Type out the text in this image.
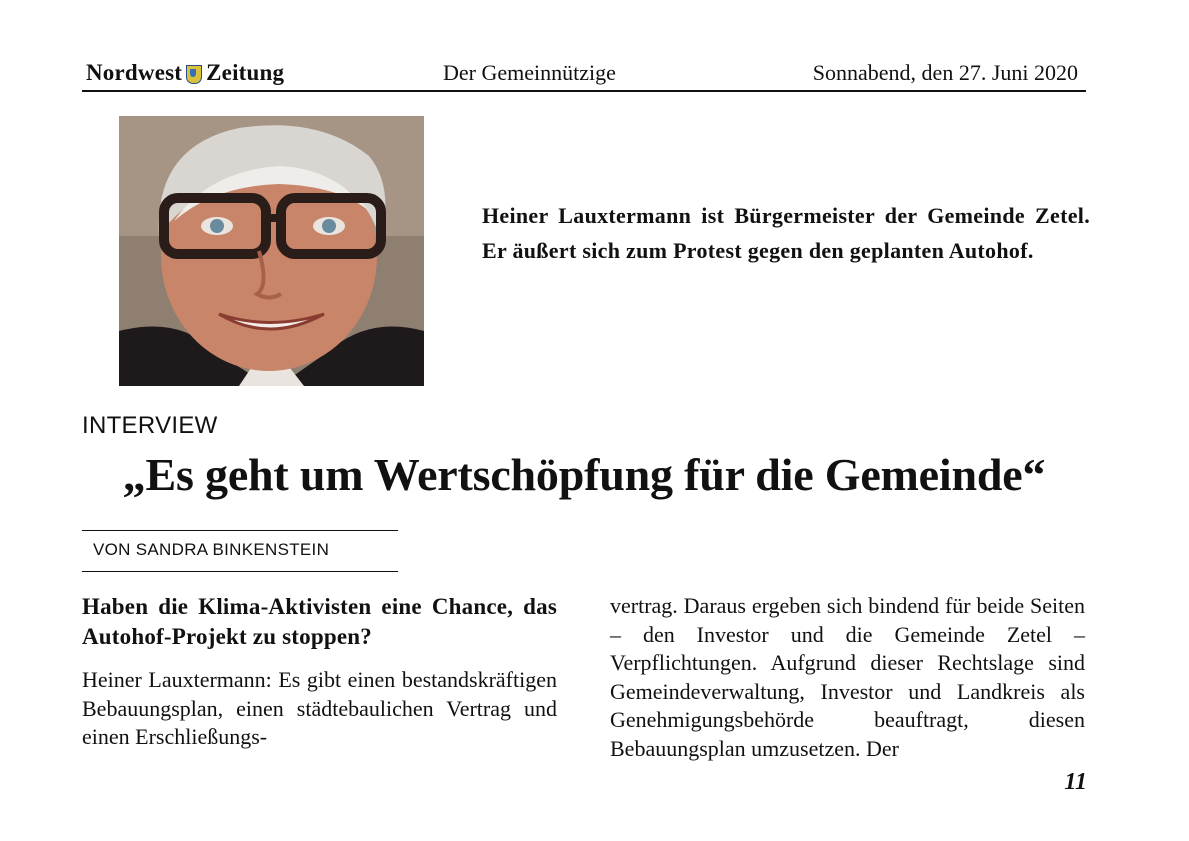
Nordwest Zeitung	Der Gemeinnützige	Sonnabend, den 27. Juni 2020
Heiner Lauxtermann ist Bürgermeister der Gemeinde Zetel. Er äußert sich zum Protest gegen den geplanten Autohof.
INTERVIEW
„Es geht um Wertschöpfung für die Gemeinde“
VON SANDRA BINKENSTEIN

Haben die Klima-Aktivisten eine Chance, das Autohof-Projekt zu stoppen?

Heiner Lauxtermann: Es gibt einen bestandskräftigen Bebauungsplan, einen städtebaulichen Vertrag und einen Erschließungs-

vertrag. Daraus ergeben sich bindend für beide Seiten – den Investor und die Gemeinde Zetel – Verpflichtungen. Aufgrund dieser Rechtslage sind Gemeindeverwaltung, Investor und Landkreis als Genehmigungsbehörde beauftragt, diesen Bebauungsplan umzusetzen. Der

11
